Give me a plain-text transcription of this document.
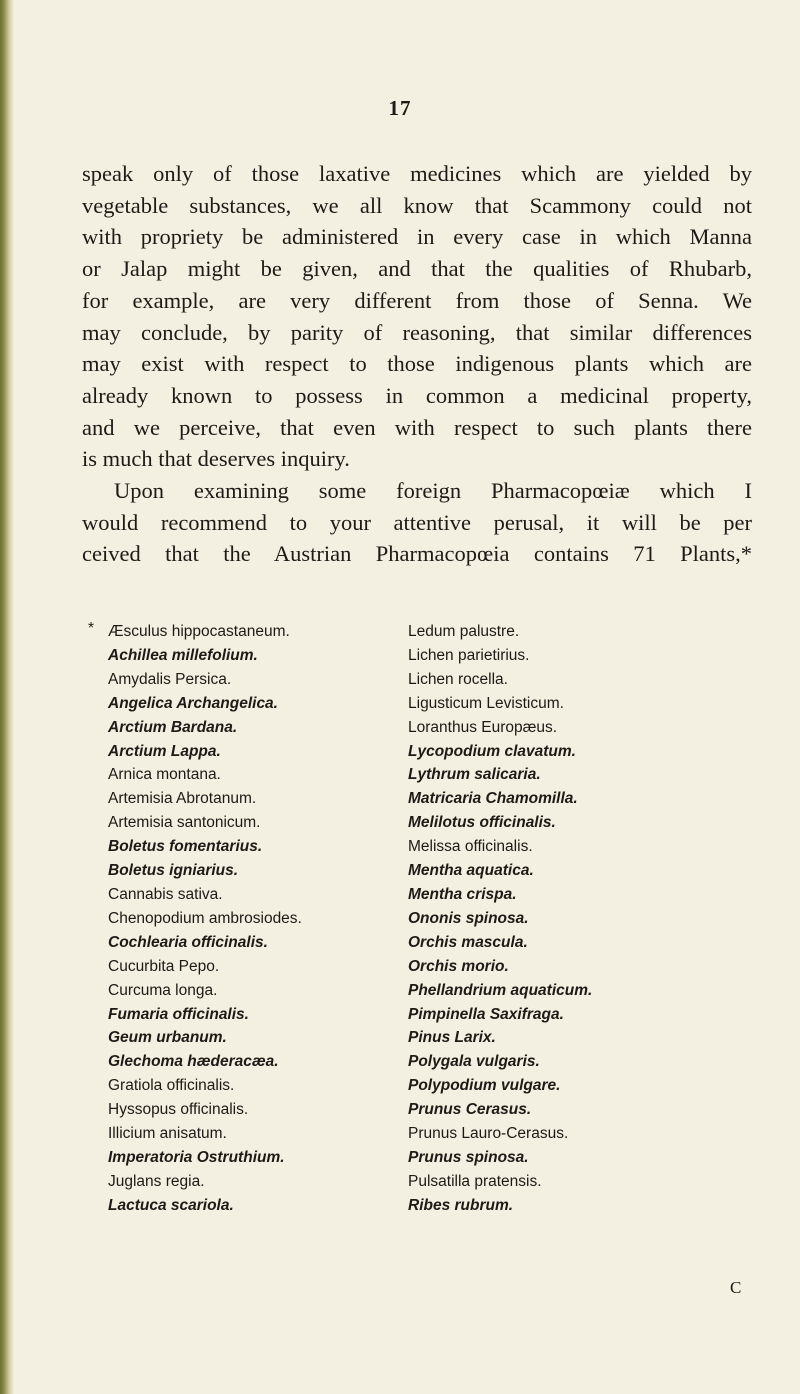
17
speak only of those laxative medicines which are yielded by
vegetable substances, we all know that Scammony could not
with propriety be administered in every case in which Manna
or Jalap might be given, and that the qualities of Rhubarb,
for example, are very different from those of Senna. We
may conclude, by parity of reasoning, that similar differences
may exist with respect to those indigenous plants which are
already known to possess in common a medicinal property,
and we perceive, that even with respect to such plants there
is much that deserves inquiry.
Upon examining some foreign Pharmacopœiæ which I
would recommend to your attentive perusal, it will be per
ceived that the Austrian Pharmacopœia contains 71 Plants,*
* Æsculus hippocastaneum.
Achillea millefolium.
Amydalis Persica.
Angelica Archangelica.
Arctium Bardana.
Arctium Lappa.
Arnica montana.
Artemisia Abrotanum.
Artemisia santonicum.
Boletus fomentarius.
Boletus igniarius.
Cannabis sativa.
Chenopodium ambrosiodes.
Cochlearia officinalis.
Cucurbita Pepo.
Curcuma longa.
Fumaria officinalis.
Geum urbanum.
Glechoma hæderacæa.
Gratiola officinalis.
Hyssopus officinalis.
Illicium anisatum.
Imperatoria Ostruthium.
Juglans regia.
Lactuca scariola.
Ledum palustre.
Lichen parietirius.
Lichen rocella.
Ligusticum Levisticum.
Loranthus Europæus.
Lycopodium clavatum.
Lythrum salicaria.
Matricaria Chamomilla.
Melilotus officinalis.
Melissa officinalis.
Mentha aquatica.
Mentha crispa.
Ononis spinosa.
Orchis mascula.
Orchis morio.
Phellandrium aquaticum.
Pimpinella Saxifraga.
Pinus Larix.
Polygala vulgaris.
Polypodium vulgare.
Prunus Cerasus.
Prunus Lauro-Cerasus.
Prunus spinosa.
Pulsatilla pratensis.
Ribes rubrum.
C
